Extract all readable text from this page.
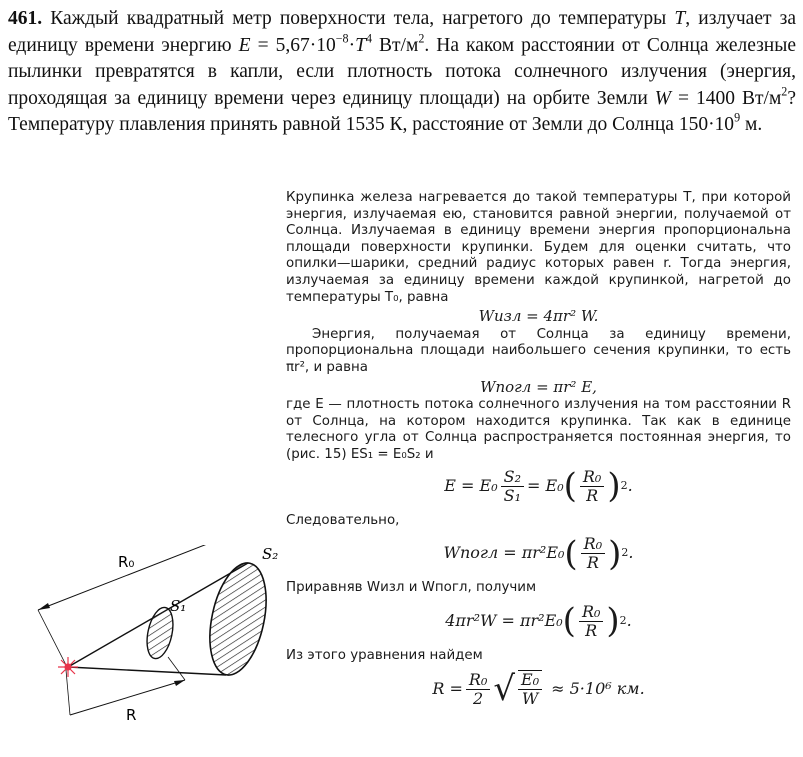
461. Каждый квадратный метр поверхности тела, нагретого до температуры T, излучает за единицу времени энергию $E = 5,67\cdot 10^{-8}\cdot T^4$ $Вт/м^2$. На каком расстоянии от Солнца железные пылинки превратятся в капли, если плотность потока солнечного излучения (энергия, проходящая за единицу времени через единицу площади) на орбите Земли W = 1400 $Вт/м^2$? Температуру плавления принять равной 1535 К, расстояние от Земли до Солнца $150\cdot 10^9$ м.

Крупинка железа нагревается до такой температуры T, при которой энергия, излучаемая ею, становится равной энергии, получаемой от Солнца. Излучаемая в единицу времени энергия пропорциональна площади поверхности крупинки. Будем для оценки считать, что опилки—шарики, средний радиус которых равен r. Тогда энергия, излучаемая за единицу времени каждой крупинкой, нагретой до температуры T₀, равна

Wизл = 4πr² W.

Энергия, получаемая от Солнца за единицу времени, пропорциональна площади наибольшего сечения крупинки, то есть πr², и равна

Wпогл = πr² E,

где E — плотность потока солнечного излучения на том расстоянии R от Солнца, на котором находится крупинка. Так как в единице телесного угла от Солнца распространяется постоянная энергия, то (рис. 15) ES₁ = E₀S₂ и

$E = E_0 \frac{\text{S₂}}{\text{S₁}} = E_0$ ( $\frac{\text{R₀}}{R}$ ) 2 .

Следовательно,

Wпогл = πr²E₀ ( $\frac{\text{R₀}}{R}$ ) 2 .

Приравняв Wизл и Wпогл, получим

4πr²W = πr²E₀ ( $\frac{\text{R₀}}{R}$ ) 2 .

Из этого уравнения найдем

$R = \frac{\text{R₀}}{2}$ √ $\frac{\text{E₀}}{W} \approx 5\cdot 10^6$ км.
R₀
R
S₁
S₂
